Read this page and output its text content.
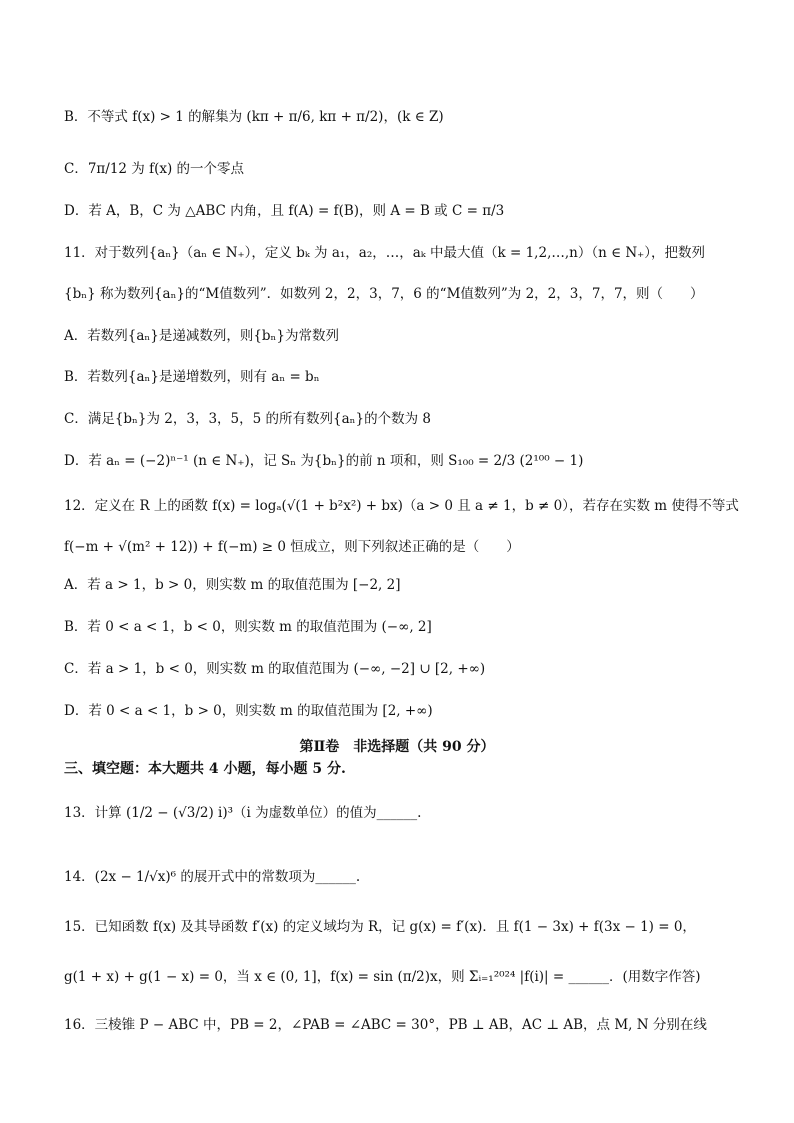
B．不等式 f(x) > 1 的解集为 (kπ + π/6, kπ + π/2)，(k ∈ Z)
C．7π/12 为 f(x) 的一个零点
D．若 A，B，C 为 △ABC 内角，且 f(A) = f(B)，则 A = B 或 C = π/3
11．对于数列{aₙ}（aₙ ∈ N₊），定义 bₖ 为 a₁，a₂，…，aₖ 中最大值（k = 1,2,…,n）（n ∈ N₊），把数列
{bₙ} 称为数列{aₙ}的“M值数列”．如数列 2，2，3，7，6 的“M值数列”为 2，2，3，7，7，则（　　）
A．若数列{aₙ}是递减数列，则{bₙ}为常数列
B．若数列{aₙ}是递增数列，则有 aₙ = bₙ
C．满足{bₙ}为 2，3，3，5，5 的所有数列{aₙ}的个数为 8
D．若 aₙ = (−2)ⁿ⁻¹ (n ∈ N₊)，记 Sₙ 为{bₙ}的前 n 项和，则 S₁₀₀ = 2/3 (2¹⁰⁰ − 1)
12．定义在 R 上的函数 f(x) = logₐ(√(1 + b²x²) + bx)（a > 0 且 a ≠ 1，b ≠ 0），若存在实数 m 使得不等式
f(−m + √(m² + 12)) + f(−m) ≥ 0 恒成立，则下列叙述正确的是（　　）
A．若 a > 1，b > 0，则实数 m 的取值范围为 [−2, 2]
B．若 0 < a < 1，b < 0，则实数 m 的取值范围为 (−∞, 2]
C．若 a > 1，b < 0，则实数 m 的取值范围为 (−∞, −2] ∪ [2, +∞)
D．若 0 < a < 1，b > 0，则实数 m 的取值范围为 [2, +∞)
第Ⅱ卷　非选择题（共 90 分）
三、填空题：本大题共 4 小题，每小题 5 分.
13．计算 (1/2 − (√3/2) i)³（i 为虚数单位）的值为______.
14．(2x − 1/√x)⁶ 的展开式中的常数项为______.
15．已知函数 f(x) 及其导函数 f′(x) 的定义域均为 R，记 g(x) = f′(x)．且 f(1 − 3x) + f(3x − 1) = 0，
g(1 + x) + g(1 − x) = 0，当 x ∈ (0, 1]，f(x) = sin (π/2)x，则 Σᵢ₌₁²⁰²⁴ |f(i)| = ______．(用数字作答)
16．三棱锥 P − ABC 中，PB = 2，∠PAB = ∠ABC = 30°，PB ⊥ AB，AC ⊥ AB，点 M, N 分别在线
